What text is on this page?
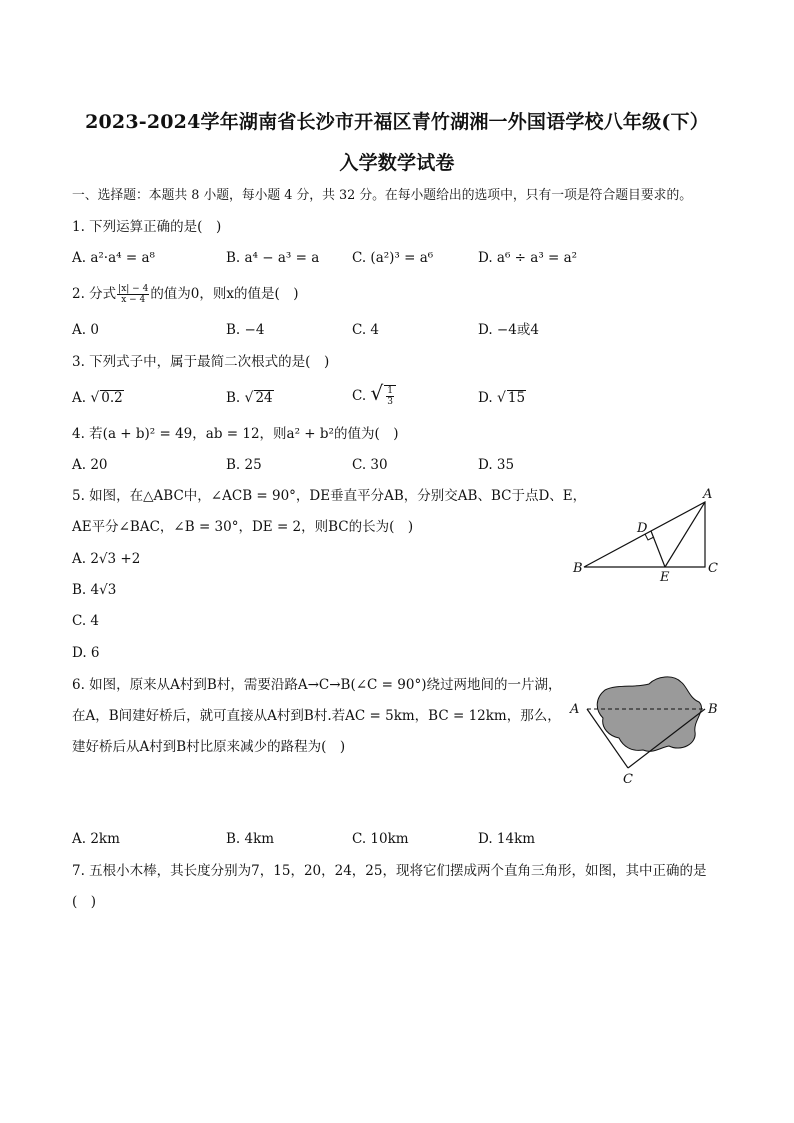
2023-2024学年湖南省长沙市开福区青竹湖湘一外国语学校八年级(下）
入学数学试卷
一、选择题：本题共 8 小题，每小题 4 分，共 32 分。在每小题给出的选项中，只有一项是符合题目要求的。
1. 下列运算正确的是(　)
A. a²·a⁴ = a⁸	B. a⁴ − a³ = a C. (a²)³ = a⁶	D. a⁶ ÷ a³ = a²
2. 分式 $\frac{|x| - 4}{x - 4}$ 的值为0，则x的值是(　)
A. 0	B. −4	C. 4	D. −4或4
3. 下列式子中，属于最简二次根式的是(　)
A. √ 0.2	B. √ 24	C. √ $\frac{1}{3}$	D. √ 15
4. 若(a + b)² = 49，ab = 12，则a² + b²的值为(　)
A. 20	B. 25	C. 30	D. 35
5. 如图，在△ABC中，∠ACB = 90°，DE垂直平分AB，分别交AB、BC于点D、E，
AE平分∠BAC，∠B = 30°，DE = 2，则BC的长为(　)
A. 2√3 +2
B. 4√3
C. 4
D. 6
A
B	C
D
E
6. 如图，原来从A村到B村，需要沿路A→C→B(∠C = 90°)绕过两地间的一片湖，
在A，B间建好桥后，就可直接从A村到B村.若AC = 5km，BC = 12km，那么，
建好桥后从A村到B村比原来减少的路程为(　)
A	B
C
A. 2km	B. 4km	C. 10km	D. 14km
7. 五根小木棒，其长度分别为7，15，20，24，25，现将它们摆成两个直角三角形，如图，其中正确的是
(　)
